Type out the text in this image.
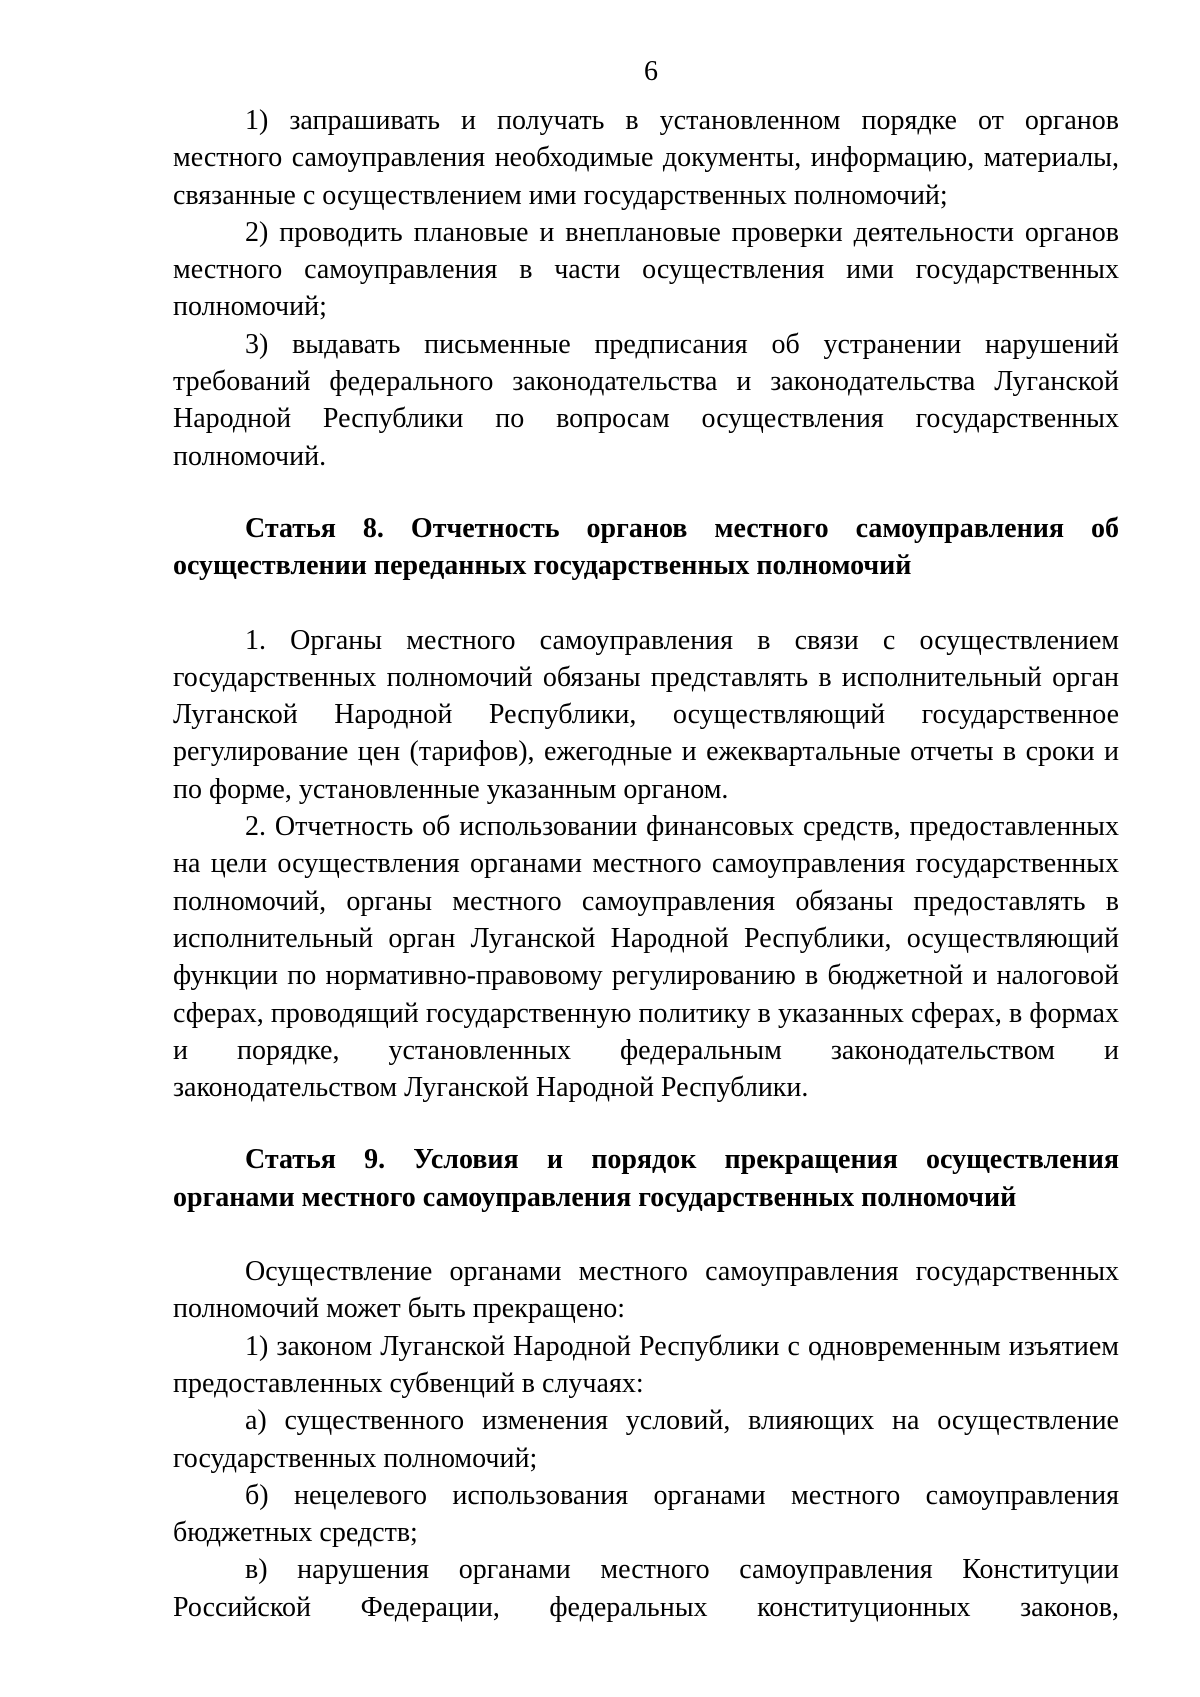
6

1) запрашивать и получать в установленном порядке от органов местного самоуправления необходимые документы, информацию, материалы, связанные с осуществлением ими государственных полномочий;

2) проводить плановые и внеплановые проверки деятельности органов местного самоуправления в части осуществления ими государственных полномочий;

3) выдавать письменные предписания об устранении нарушений требований федерального законодательства и законодательства Луганской Народной Республики по вопросам осуществления государственных полномочий.

Статья 8. Отчетность органов местного самоуправления об осуществлении переданных государственных полномочий

1. Органы местного самоуправления в связи с осуществлением государственных полномочий обязаны представлять в исполнительный орган Луганской Народной Республики, осуществляющий государственное регулирование цен (тарифов), ежегодные и ежеквартальные отчеты в сроки и по форме, установленные указанным органом.

2. Отчетность об использовании финансовых средств, предоставленных на цели осуществления органами местного самоуправления государственных полномочий, органы местного самоуправления обязаны предоставлять в исполнительный орган Луганской Народной Республики, осуществляющий функции по нормативно-правовому регулированию в бюджетной и налоговой сферах, проводящий государственную политику в указанных сферах, в формах и порядке, установленных федеральным законодательством и законодательством Луганской Народной Республики.

Статья 9. Условия и порядок прекращения осуществления органами местного самоуправления государственных полномочий

Осуществление органами местного самоуправления государственных полномочий может быть прекращено:

1) законом Луганской Народной Республики с одновременным изъятием предоставленных субвенций в случаях:

а) существенного изменения условий, влияющих на осуществление государственных полномочий;

б) нецелевого использования органами местного самоуправления бюджетных средств;

в) нарушения органами местного самоуправления Конституции Российской Федерации, федеральных конституционных законов,
